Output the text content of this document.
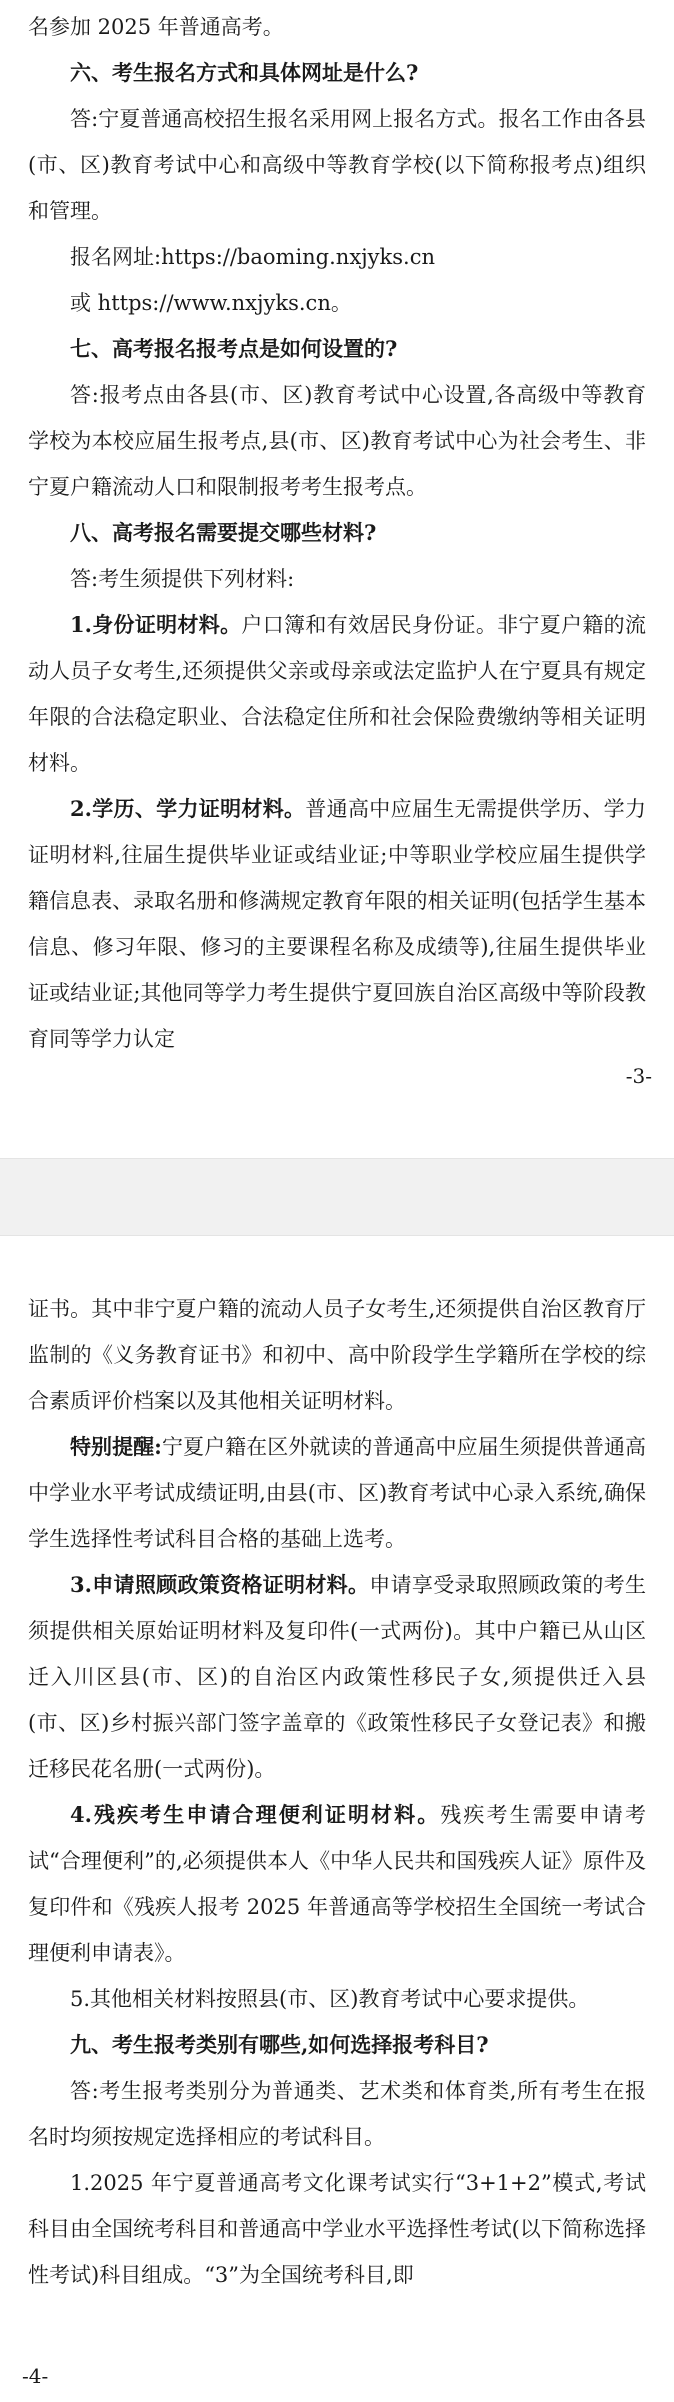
名参加 2025 年普通高考。

六、考生报名方式和具体网址是什么?

答:宁夏普通高校招生报名采用网上报名方式。报名工作由各县(市、区)教育考试中心和高级中等教育学校(以下简称报考点)组织和管理。

报名网址:https://baoming.nxjyks.cn

或 https://www.nxjyks.cn。

七、高考报名报考点是如何设置的?

答:报考点由各县(市、区)教育考试中心设置,各高级中等教育学校为本校应届生报考点,县(市、区)教育考试中心为社会考生、非宁夏户籍流动人口和限制报考考生报考点。

八、高考报名需要提交哪些材料?

答:考生须提供下列材料:

1.身份证明材料。户口簿和有效居民身份证。非宁夏户籍的流动人员子女考生,还须提供父亲或母亲或法定监护人在宁夏具有规定年限的合法稳定职业、合法稳定住所和社会保险费缴纳等相关证明材料。

2.学历、学力证明材料。普通高中应届生无需提供学历、学力证明材料,往届生提供毕业证或结业证;中等职业学校应届生提供学籍信息表、录取名册和修满规定教育年限的相关证明(包括学生基本信息、修习年限、修习的主要课程名称及成绩等),往届生提供毕业证或结业证;其他同等学力考生提供宁夏回族自治区高级中等阶段教育同等学力认定

-3-

证书。其中非宁夏户籍的流动人员子女考生,还须提供自治区教育厅监制的《义务教育证书》和初中、高中阶段学生学籍所在学校的综合素质评价档案以及其他相关证明材料。

特别提醒:宁夏户籍在区外就读的普通高中应届生须提供普通高中学业水平考试成绩证明,由县(市、区)教育考试中心录入系统,确保学生选择性考试科目合格的基础上选考。

3.申请照顾政策资格证明材料。申请享受录取照顾政策的考生须提供相关原始证明材料及复印件(一式两份)。其中户籍已从山区迁入川区县(市、区)的自治区内政策性移民子女,须提供迁入县(市、区)乡村振兴部门签字盖章的《政策性移民子女登记表》和搬迁移民花名册(一式两份)。

4.残疾考生申请合理便利证明材料。残疾考生需要申请考试“合理便利”的,必须提供本人《中华人民共和国残疾人证》原件及复印件和《残疾人报考 2025 年普通高等学校招生全国统一考试合理便利申请表》。

5.其他相关材料按照县(市、区)教育考试中心要求提供。

九、考生报考类别有哪些,如何选择报考科目?

答:考生报考类别分为普通类、艺术类和体育类,所有考生在报名时均须按规定选择相应的考试科目。

1.2025 年宁夏普通高考文化课考试实行“3+1+2”模式,考试科目由全国统考科目和普通高中学业水平选择性考试(以下简称选择性考试)科目组成。“3”为全国统考科目,即

-4-
